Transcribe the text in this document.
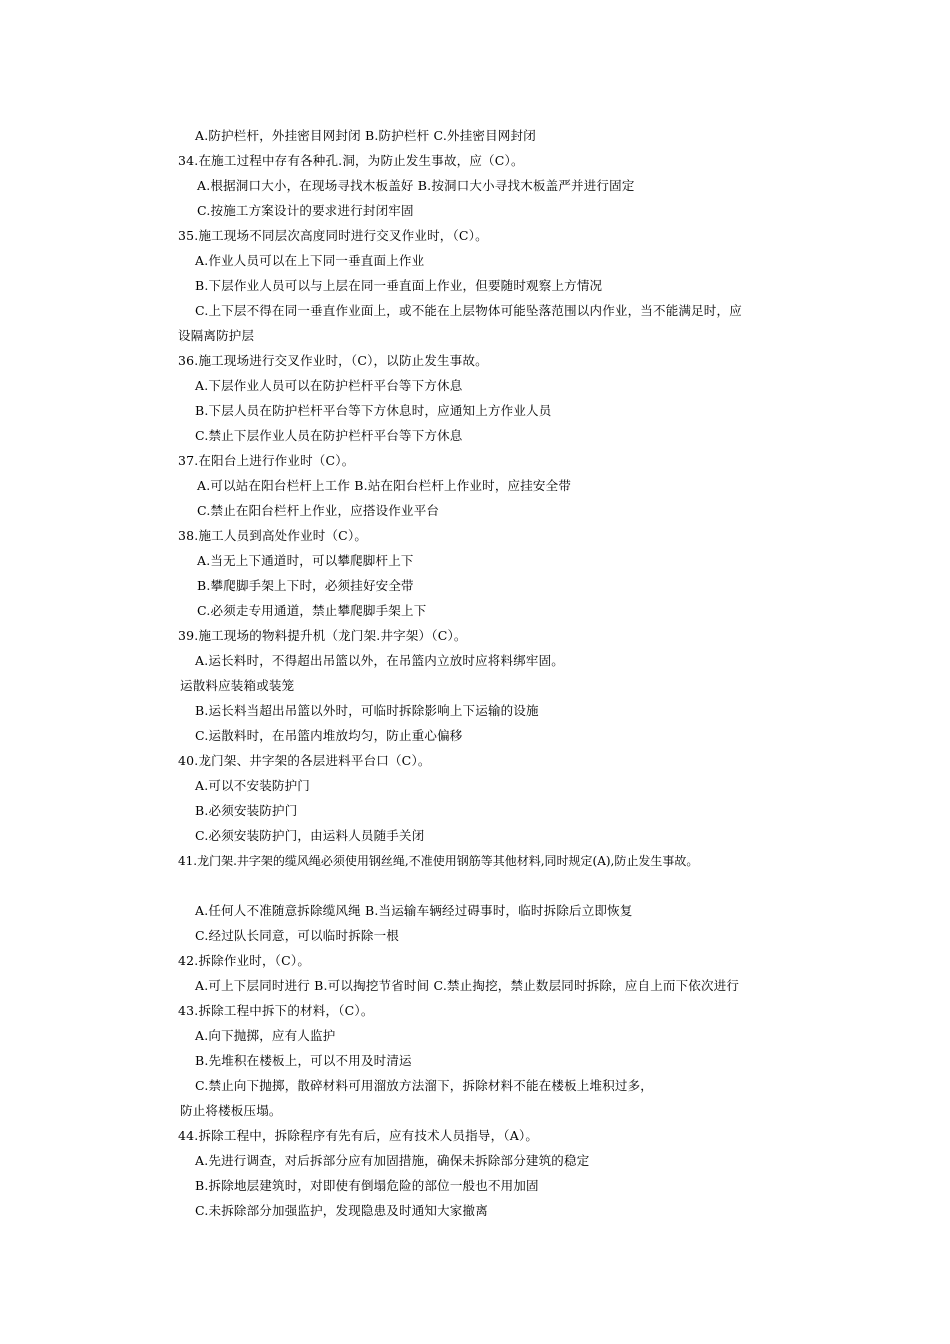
A.防护栏杆，外挂密目网封闭 B.防护栏杆 C.外挂密目网封闭
34.在施工过程中存有各种孔.洞，为防止发生事故，应（C）。
A.根据洞口大小，在现场寻找木板盖好 B.按洞口大小寻找木板盖严并进行固定
C.按施工方案设计的要求进行封闭牢固
35.施工现场不同层次高度同时进行交叉作业时，（C）。
A.作业人员可以在上下同一垂直面上作业
B.下层作业人员可以与上层在同一垂直面上作业，但要随时观察上方情况
C.上下层不得在同一垂直作业面上，或不能在上层物体可能坠落范围以内作业，当不能满足时，应
设隔离防护层
36.施工现场进行交叉作业时，（C），以防止发生事故。
A.下层作业人员可以在防护栏杆平台等下方休息
B.下层人员在防护栏杆平台等下方休息时，应通知上方作业人员
C.禁止下层作业人员在防护栏杆平台等下方休息
37.在阳台上进行作业时（C）。
A.可以站在阳台栏杆上工作 B.站在阳台栏杆上作业时，应挂安全带
C.禁止在阳台栏杆上作业，应搭设作业平台
38.施工人员到高处作业时（C）。
A.当无上下通道时，可以攀爬脚杆上下
B.攀爬脚手架上下时，必须挂好安全带
C.必须走专用通道，禁止攀爬脚手架上下
39.施工现场的物料提升机（龙门架.井字架）（C）。
A.运长料时，不得超出吊篮以外，在吊篮内立放时应将料绑牢固。
运散料应装箱或装笼
B.运长料当超出吊篮以外时，可临时拆除影响上下运输的设施
C.运散料时，在吊篮内堆放均匀，防止重心偏移
40.龙门架、井字架的各层进料平台口（C）。
A.可以不安装防护门
B.必须安装防护门
C.必须安装防护门，由运料人员随手关闭
41.龙门架.井字架的缆风绳必须使用钢丝绳,不准使用钢筋等其他材料,同时规定(A),防止发生事故。
A.任何人不准随意拆除缆风绳 B.当运输车辆经过碍事时，临时拆除后立即恢复
C.经过队长同意，可以临时拆除一根
42.拆除作业时，（C）。
A.可上下层同时进行 B.可以掏挖节省时间 C.禁止掏挖，禁止数层同时拆除，应自上而下依次进行
43.拆除工程中拆下的材料，（C）。
A.向下抛掷，应有人监护
B.先堆积在楼板上，可以不用及时清运
C.禁止向下抛掷，散碎材料可用溜放方法溜下，拆除材料不能在楼板上堆积过多，
防止将楼板压塌。
44.拆除工程中，拆除程序有先有后，应有技术人员指导，（A）。
A.先进行调查，对后拆部分应有加固措施，确保未拆除部分建筑的稳定
B.拆除地层建筑时，对即使有倒塌危险的部位一般也不用加固
C.未拆除部分加强监护，发现隐患及时通知大家撤离
